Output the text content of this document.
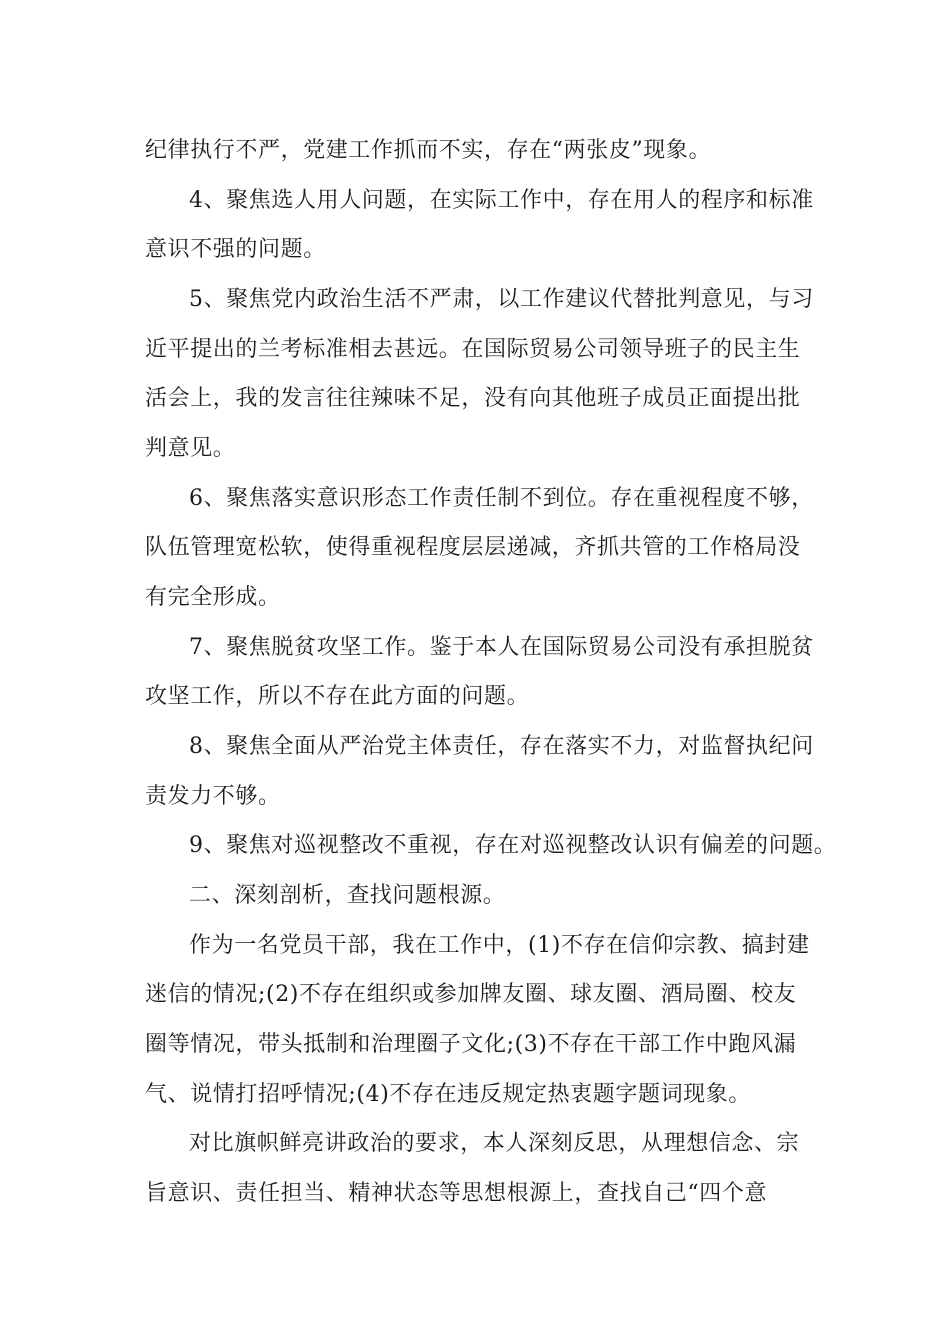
纪律执行不严，党建工作抓而不实，存在“两张皮”现象。
4、聚焦选人用人问题，在实际工作中，存在用人的程序和标准
意识不强的问题。
5、聚焦党内政治生活不严肃，以工作建议代替批判意见，与习
近平提出的兰考标准相去甚远。在国际贸易公司领导班子的民主生
活会上，我的发言往往辣味不足，没有向其他班子成员正面提出批
判意见。
6、聚焦落实意识形态工作责任制不到位。存在重视程度不够，
队伍管理宽松软，使得重视程度层层递减，齐抓共管的工作格局没
有完全形成。
7、聚焦脱贫攻坚工作。鉴于本人在国际贸易公司没有承担脱贫
攻坚工作，所以不存在此方面的问题。
8、聚焦全面从严治党主体责任，存在落实不力，对监督执纪问
责发力不够。
9、聚焦对巡视整改不重视，存在对巡视整改认识有偏差的问题。
二、深刻剖析，查找问题根源。
作为一名党员干部，我在工作中，(1)不存在信仰宗教、搞封建
迷信的情况;(2)不存在组织或参加牌友圈、球友圈、酒局圈、校友
圈等情况，带头抵制和治理圈子文化;(3)不存在干部工作中跑风漏
气、说情打招呼情况;(4)不存在违反规定热衷题字题词现象。
对比旗帜鲜亮讲政治的要求，本人深刻反思，从理想信念、宗
旨意识、责任担当、精神状态等思想根源上，查找自己“四个意
